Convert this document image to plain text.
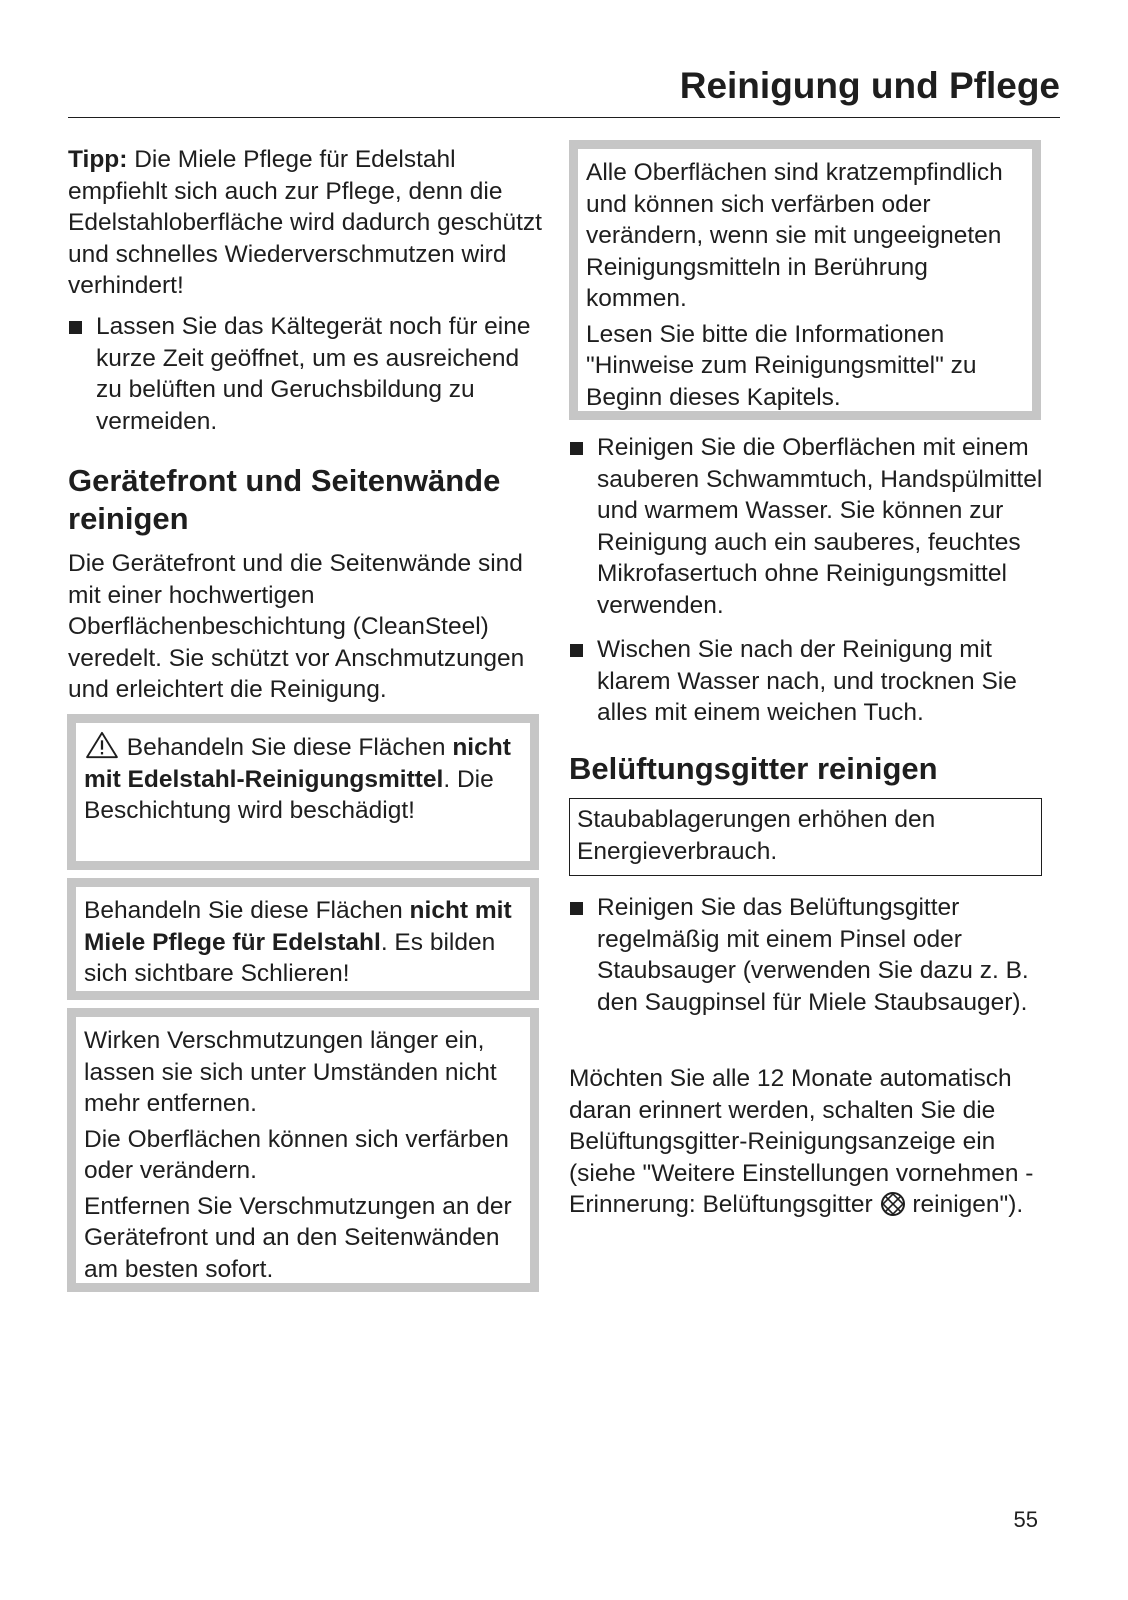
Reinigung und Pflege

Tipp: Die Miele Pflege für Edelstahl empfiehlt sich auch zur Pflege, denn die Edelstahloberfläche wird dadurch geschützt und schnelles Wiederverschmutzen wird verhindert!

Lassen Sie das Kältegerät noch für eine kurze Zeit geöffnet, um es ausreichend zu belüften und Geruchsbildung zu vermeiden.
Gerätefront und Seitenwände reinigen
Die Gerätefront und die Seitenwände sind mit einer hochwertigen Oberflächenbeschichtung (CleanSteel) veredelt. Sie schützt vor Anschmutzungen und erleichtert die Reinigung.

Behandeln Sie diese Flächen nicht mit Edelstahl-Reinigungsmittel. Die Beschichtung wird beschädigt!

Behandeln Sie diese Flächen nicht mit Miele Pflege für Edelstahl. Es bilden sich sichtbare Schlieren!

Wirken Verschmutzungen länger ein, lassen sie sich unter Umständen nicht mehr entfernen.

Die Oberflächen können sich verfärben oder verändern.

Entfernen Sie Verschmutzungen an der Gerätefront und an den Seitenwänden am besten sofort.

Alle Oberflächen sind kratzempfindlich und können sich verfärben oder verändern, wenn sie mit ungeeigneten Reinigungsmitteln in Berührung kommen.

Lesen Sie bitte die Informationen "Hinweise zum Reinigungsmittel" zu Beginn dieses Kapitels.

Reinigen Sie die Oberflächen mit einem sauberen Schwammtuch, Handspülmittel und warmem Wasser. Sie können zur Reinigung auch ein sauberes, feuchtes Mikrofasertuch ohne Reinigungsmittel verwenden.
Wischen Sie nach der Reinigung mit klarem Wasser nach, und trocknen Sie alles mit einem weichen Tuch.
Belüftungsgitter reinigen

Staubablagerungen erhöhen den Energieverbrauch.

Reinigen Sie das Belüftungsgitter regelmäßig mit einem Pinsel oder Staubsauger (verwenden Sie dazu z. B. den Saugpinsel für Miele Staubsauger).

Möchten Sie alle 12 Monate automatisch daran erinnert werden, schalten Sie die Belüftungsgitter-Reinigungsanzeige ein (siehe "Weitere Einstellungen vornehmen - Erinnerung: Belüftungsgitter  reinigen").

55
